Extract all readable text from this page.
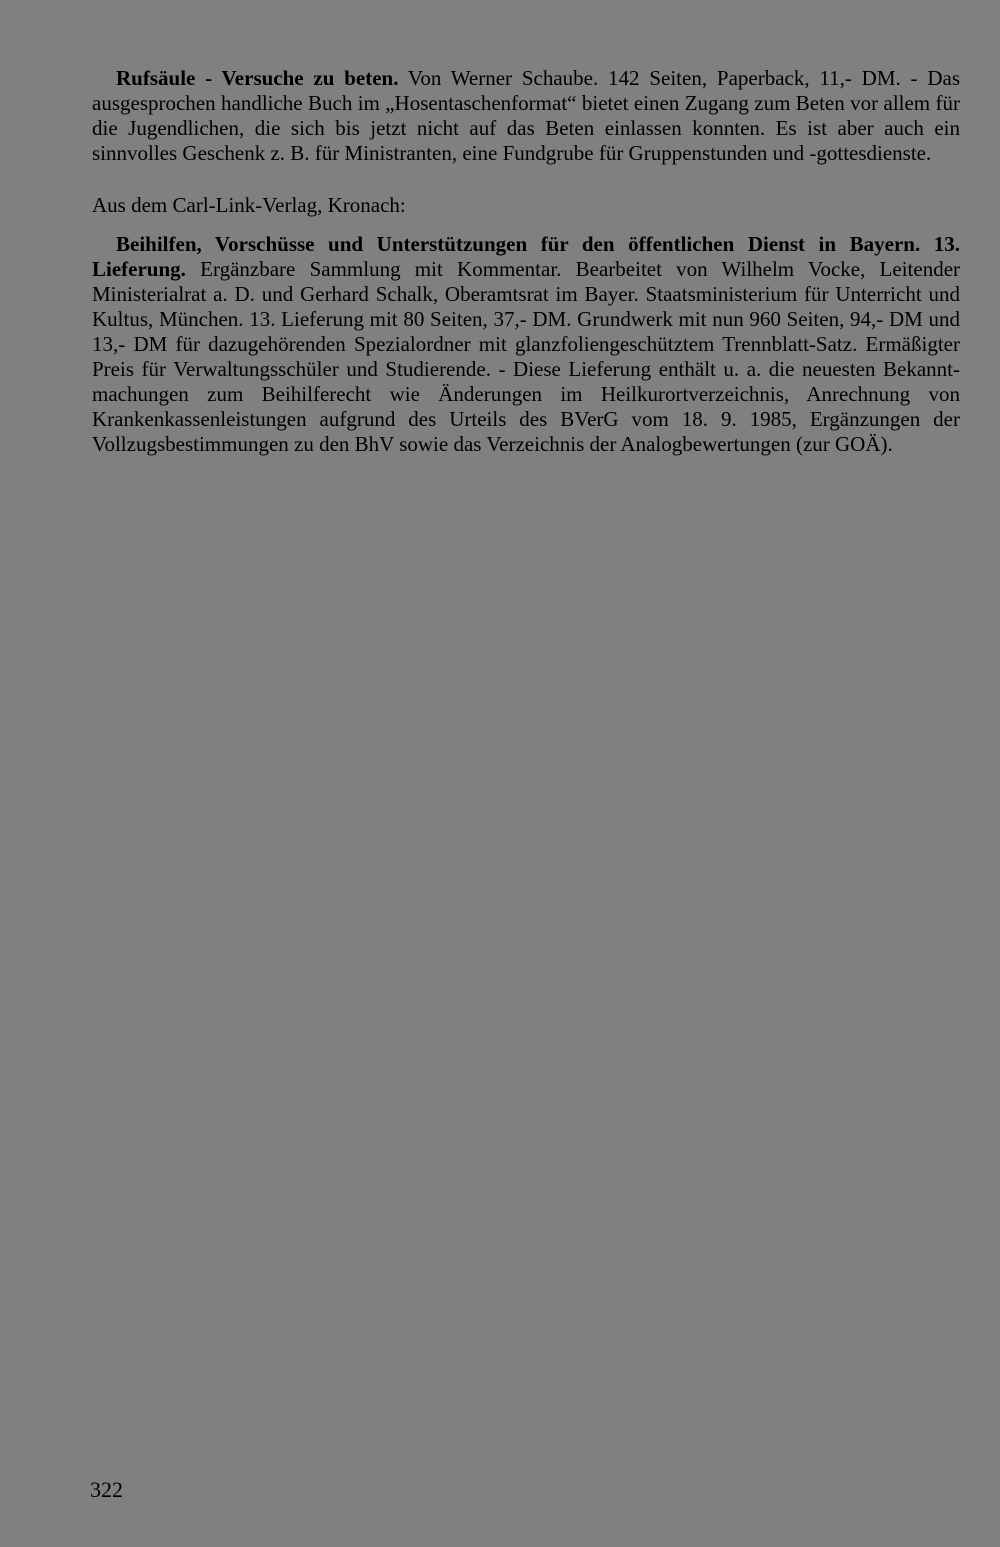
Rufsäule - Versuche zu beten. Von Werner Schaube. 142 Seiten, Paperback, 11,- DM. - Das ausgesprochen handliche Buch im „Hosentaschenformat“ bietet einen Zugang zum Beten vor allem für die Jugendlichen, die sich bis jetzt nicht auf das Beten einlassen konnten. Es ist aber auch ein sinnvolles Geschenk z. B. für Ministranten, eine Fundgrube für Gruppenstunden und -gottesdienste.

Aus dem Carl-Link-Verlag, Kronach:

Beihilfen, Vorschüsse und Unterstützungen für den öffentlichen Dienst in Bayern. 13. Lieferung. Ergänzbare Sammlung mit Kommentar. Bearbeitet von Wilhelm Vocke, Leitender Ministerialrat a. D. und Gerhard Schalk, Oberamtsrat im Bayer. Staatsministerium für Unterricht und Kultus, München. 13. Lieferung mit 80 Seiten, 37,- DM. Grundwerk mit nun 960 Seiten, 94,- DM und 13,- DM für dazugehörenden Spezialordner mit glanzfoliengeschütztem Trennblatt-Satz. Ermäßigter Preis für Verwaltungsschüler und Studierende. - Diese Lieferung enthält u. a. die neuesten Bekanntmachungen zum Beihilferecht wie Änderungen im Heilkurortverzeichnis, Anrechnung von Krankenkassenleistungen aufgrund des Urteils des BVerG vom 18. 9. 1985, Ergänzungen der Vollzugsbestimmungen zu den BhV sowie das Verzeichnis der Analogbewertungen (zur GOÄ).

322
